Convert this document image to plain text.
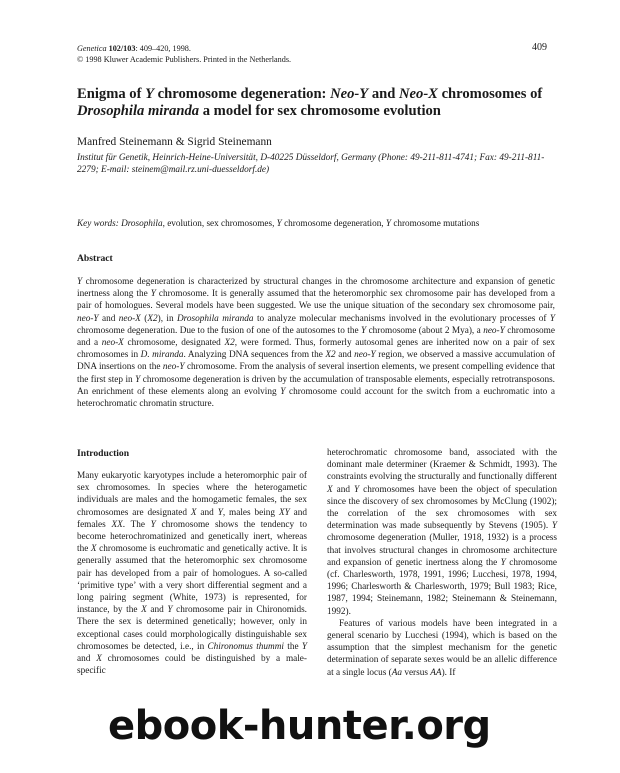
Genetica 102/103: 409–420, 1998.
© 1998 Kluwer Academic Publishers. Printed in the Netherlands.
409
Enigma of Y chromosome degeneration: Neo-Y and Neo-X chromosomes of Drosophila miranda a model for sex chromosome evolution
Manfred Steinemann & Sigrid Steinemann
Institut für Genetik, Heinrich-Heine-Universität, D-40225 Düsseldorf, Germany (Phone: 49-211-811-4741; Fax: 49-211-811-2279; E-mail: steinem@mail.rz.uni-duesseldorf.de)
Key words: Drosophila, evolution, sex chromosomes, Y chromosome degeneration, Y chromosome mutations
Abstract
Y chromosome degeneration is characterized by structural changes in the chromosome architecture and expansion of genetic inertness along the Y chromosome. It is generally assumed that the heteromorphic sex chromosome pair has developed from a pair of homologues. Several models have been suggested. We use the unique situation of the secondary sex chromosome pair, neo-Y and neo-X (X2), in Drosophila miranda to analyze molecular mechanisms involved in the evolutionary processes of Y chromosome degeneration. Due to the fusion of one of the autosomes to the Y chromosome (about 2 Mya), a neo-Y chromosome and a neo-X chromosome, designated X2, were formed. Thus, formerly autosomal genes are inherited now on a pair of sex chromosomes in D. miranda. Analyzing DNA sequences from the X2 and neo-Y region, we observed a massive accumulation of DNA insertions on the neo-Y chromosome. From the analysis of several insertion elements, we present compelling evidence that the first step in Y chromosome degeneration is driven by the accumulation of transposable elements, especially retrotransposons. An enrichment of these elements along an evolving Y chromosome could account for the switch from a euchromatic into a heterochromatic chromatin structure.
Introduction

Many eukaryotic karyotypes include a heteromorphic pair of sex chromosomes. In species where the heterogametic individuals are males and the homogametic females, the sex chromosomes are designated X and Y, males being XY and females XX. The Y chromosome shows the tendency to become heterochromatinized and genetically inert, whereas the X chromosome is euchromatic and genetically active. It is generally assumed that the heteromorphic sex chromosome pair has developed from a pair of homologues. A so-called ‘primitive type’ with a very short differential segment and a long pairing segment (White, 1973) is represented, for instance, by the X and Y chromosome pair in Chironomids. There the sex is determined genetically; however, only in exceptional cases could morphologically distinguishable sex chromosomes be detected, i.e., in Chironomus thummi the Y and X chromosomes could be distinguished by a male-specific

heterochromatic chromosome band, associated with the dominant male determiner (Kraemer & Schmidt, 1993). The constraints evolving the structurally and functionally different X and Y chromosomes have been the object of speculation since the discovery of sex chromosomes by McClung (1902); the correlation of the sex chromosomes with sex determination was made subsequently by Stevens (1905). Y chromosome degeneration (Muller, 1918, 1932) is a process that involves structural changes in chromosome architecture and expansion of genetic inertness along the Y chromosome (cf. Charlesworth, 1978, 1991, 1996; Lucchesi, 1978, 1994, 1996; Charlesworth & Charlesworth, 1979; Bull 1983; Rice, 1987, 1994; Steinemann, 1982; Steinemann & Steinemann, 1992).

Features of various models have been integrated in a general scenario by Lucchesi (1994), which is based on the assumption that the simplest mechanism for the genetic determination of separate sexes would be an allelic difference at a single locus (Aa versus AA). If

ebook-hunter.org
